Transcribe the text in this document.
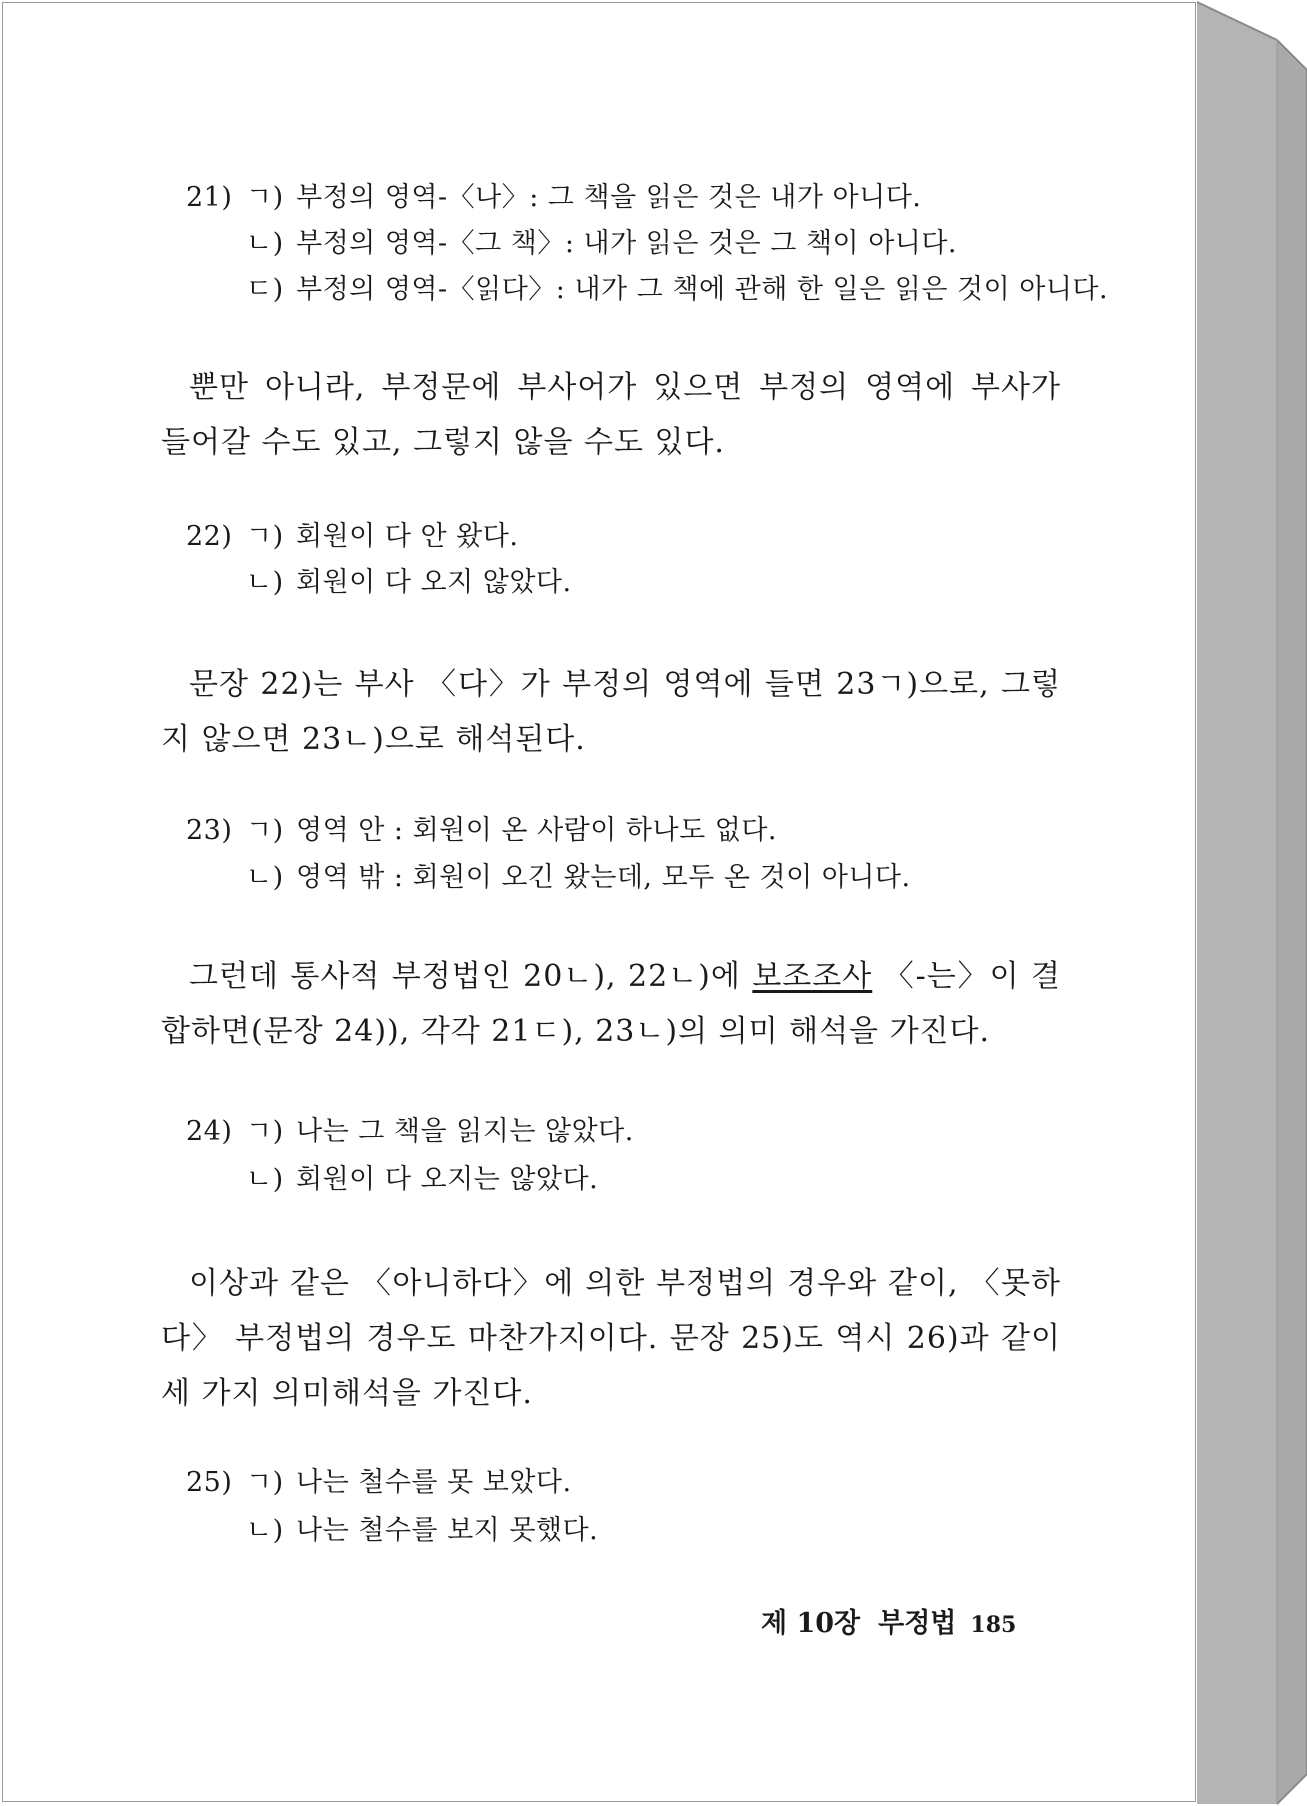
21) ㄱ) 부정의 영역-〈나〉: 그 책을 읽은 것은 내가 아니다.
ㄴ) 부정의 영역-〈그 책〉: 내가 읽은 것은 그 책이 아니다.
ㄷ) 부정의 영역-〈읽다〉: 내가 그 책에 관해 한 일은 읽은 것이 아니다.

뿐만 아니라, 부정문에 부사어가 있으면 부정의 영역에 부사가 들어갈 수도 있고, 그렇지 않을 수도 있다.

22) ㄱ) 회원이 다 안 왔다.
ㄴ) 회원이 다 오지 않았다.

문장 22)는 부사 〈다〉가 부정의 영역에 들면 23ㄱ)으로, 그렇지 않으면 23ㄴ)으로 해석된다.

23) ㄱ) 영역 안 : 회원이 온 사람이 하나도 없다.
ㄴ) 영역 밖 : 회원이 오긴 왔는데, 모두 온 것이 아니다.

그런데 통사적 부정법인 20ㄴ), 22ㄴ)에 보조조사 〈-는〉이 결합하면(문장 24)), 각각 21ㄷ), 23ㄴ)의 의미 해석을 가진다.

24) ㄱ) 나는 그 책을 읽지는 않았다.
ㄴ) 회원이 다 오지는 않았다.

이상과 같은 〈아니하다〉에 의한 부정법의 경우와 같이, 〈못하다〉 부정법의 경우도 마찬가지이다. 문장 25)도 역시 26)과 같이 세 가지 의미해석을 가진다.

25) ㄱ) 나는 철수를 못 보았다.
ㄴ) 나는 철수를 보지 못했다.
제 10장 부정법 185
